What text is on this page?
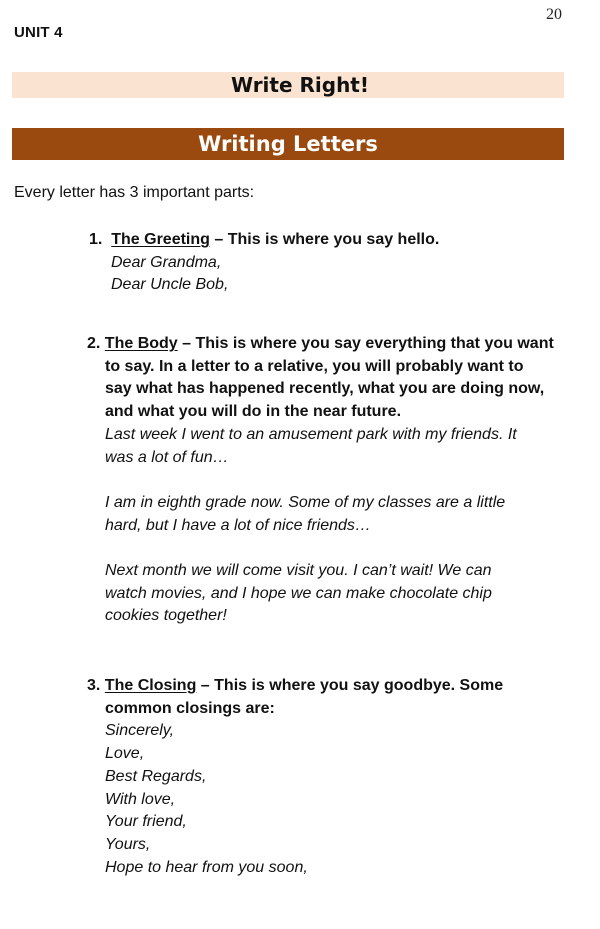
20
UNIT 4
Write Right!
Writing Letters
Every letter has 3 important parts:
1. The Greeting – This is where you say hello.
Dear Grandma,
Dear Uncle Bob,
2. The Body – This is where you say everything that you want
to say. In a letter to a relative, you will probably want to
say what has happened recently, what you are doing now,
and what you will do in the near future.
Last week I went to an amusement park with my friends. It
was a lot of fun…
I am in eighth grade now. Some of my classes are a little
hard, but I have a lot of nice friends…
Next month we will come visit you. I can’t wait! We can
watch movies, and I hope we can make chocolate chip
cookies together!
3. The Closing – This is where you say goodbye. Some
common closings are:
Sincerely,
Love,
Best Regards,
With love,
Your friend,
Yours,
Hope to hear from you soon,
